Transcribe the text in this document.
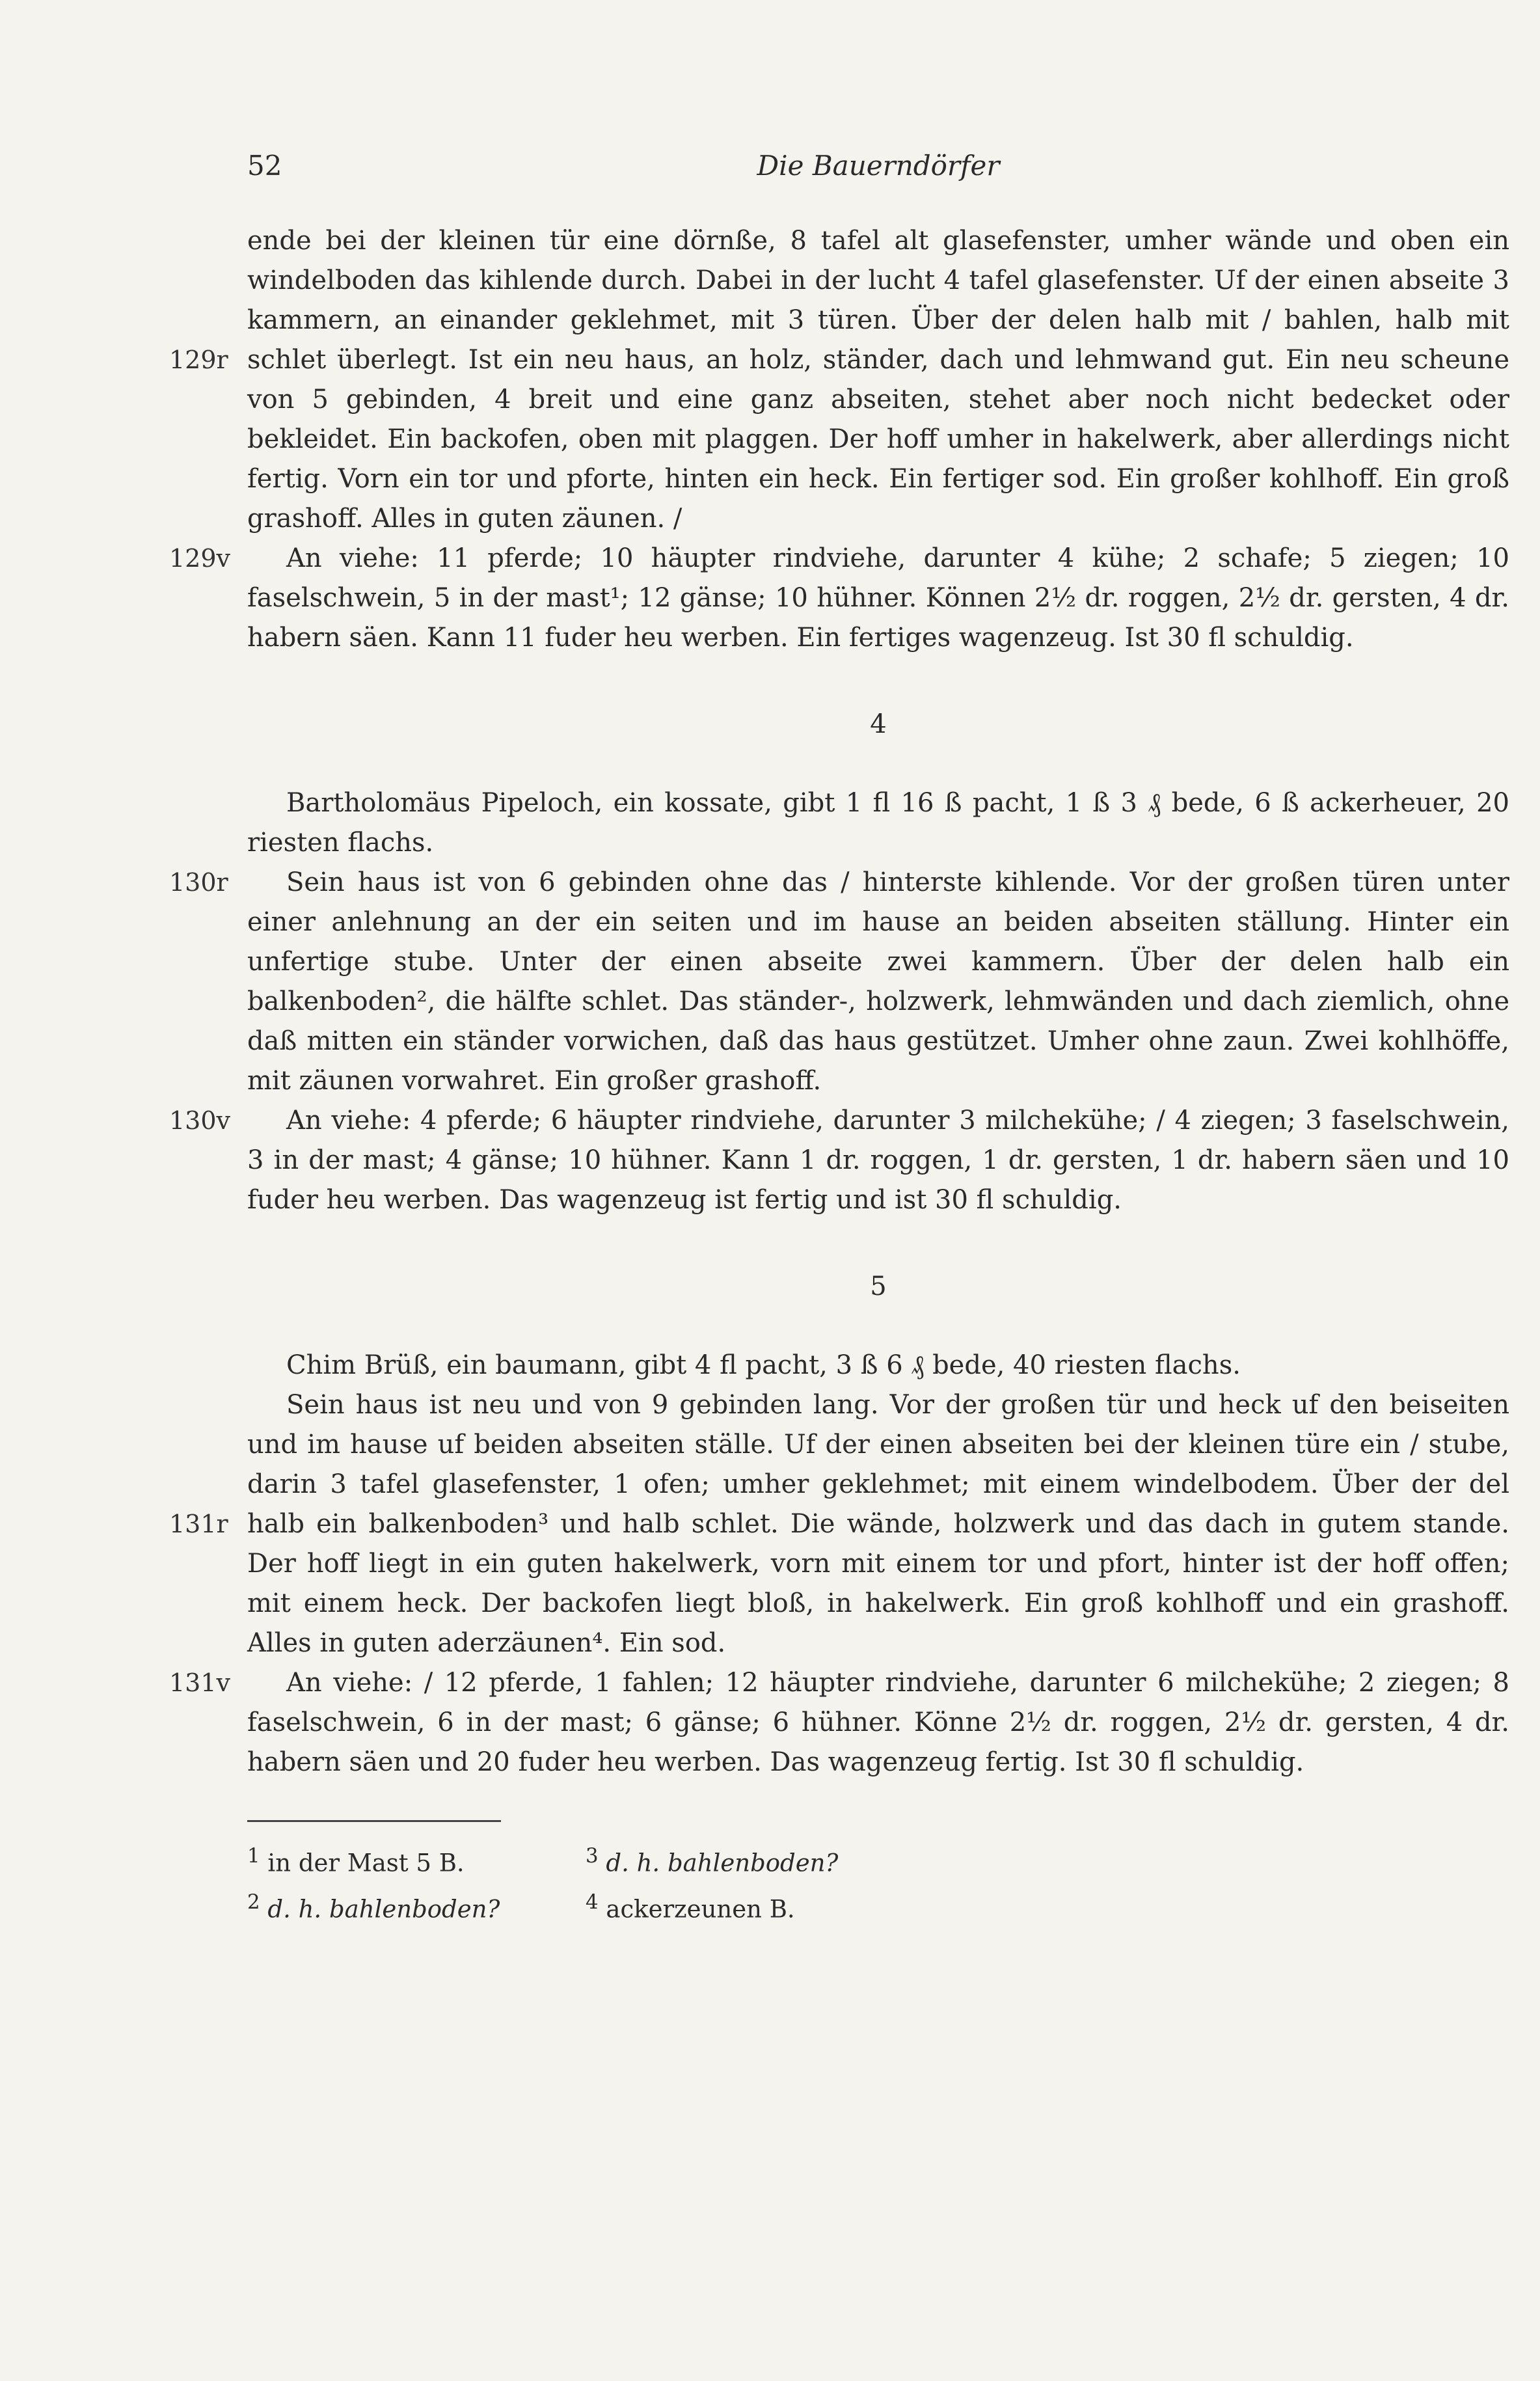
52	Die Bauerndörfer

129r
ende bei der kleinen tür eine dörnße, 8 tafel alt glasefenster, umher wände und oben ein windelboden das kihlende durch. Dabei in der lucht 4 tafel glasefenster. Uf der einen abseite 3 kammern, an einander geklehmet, mit 3 türen. Über der delen halb mit / bahlen, halb mit schlet überlegt. Ist ein neu haus, an holz, ständer, dach und lehmwand gut. Ein neu scheune von 5 gebinden, 4 breit und eine ganz abseiten, stehet aber noch nicht bedecket oder bekleidet. Ein backofen, oben mit plaggen. Der hoff umher in hakelwerk, aber allerdings nicht fertig. Vorn ein tor und pforte, hinten ein heck. Ein fertiger sod. Ein großer kohlhoff. Ein groß grashoff. Alles in guten zäunen. /

129v	An viehe: 11 pferde; 10 häupter rindviehe, darunter 4 kühe; 2 schafe; 5 ziegen; 10 faselschwein, 5 in der mast¹; 12 gänse; 10 hühner. Können 2½ dr. roggen, 2½ dr. gersten, 4 dr. habern säen. Kann 11 fuder heu werben. Ein fertiges wagenzeug. Ist 30 fl schuldig.

4

Bartholomäus Pipeloch, ein kossate, gibt 1 fl 16 ß pacht, 1 ß 3 ₰ bede, 6 ß ackerheuer, 20 riesten flachs.

130r	Sein haus ist von 6 gebinden ohne das / hinterste kihlende. Vor der großen türen unter einer anlehnung an der ein seiten und im hause an beiden abseiten ställung. Hinter ein unfertige stube. Unter der einen abseite zwei kammern. Über der delen halb ein balkenboden², die hälfte schlet. Das ständer-, holzwerk, lehmwänden und dach ziemlich, ohne daß mitten ein ständer vorwichen, daß das haus gestützet. Umher ohne zaun. Zwei kohlhöffe, mit zäunen vorwahret. Ein großer grashoff.

130v	An viehe: 4 pferde; 6 häupter rindviehe, darunter 3 milchekühe; / 4 ziegen; 3 faselschwein, 3 in der mast; 4 gänse; 10 hühner. Kann 1 dr. roggen, 1 dr. gersten, 1 dr. habern säen und 10 fuder heu werben. Das wagenzeug ist fertig und ist 30 fl schuldig.

5

Chim Brüß, ein baumann, gibt 4 fl pacht, 3 ß 6 ₰ bede, 40 riesten flachs.

131r
Sein haus ist neu und von 9 gebinden lang. Vor der großen tür und heck uf den beiseiten und im hause uf beiden abseiten ställe. Uf der einen abseiten bei der kleinen türe ein / stube, darin 3 tafel glasefenster, 1 ofen; umher geklehmet; mit einem windelbodem. Über der del halb ein balkenboden³ und halb schlet. Die wände, holzwerk und das dach in gutem stande. Der hoff liegt in ein guten hakelwerk, vorn mit einem tor und pfort, hinter ist der hoff offen; mit einem heck. Der backofen liegt bloß, in hakelwerk. Ein groß kohlhoff und ein grashoff. Alles in guten aderzäunen⁴. Ein sod.

131v	An viehe: / 12 pferde, 1 fahlen; 12 häupter rindviehe, darunter 6 milchekühe; 2 ziegen; 8 faselschwein, 6 in der mast; 6 gänse; 6 hühner. Könne 2½ dr. roggen, 2½ dr. gersten, 4 dr. habern säen und 20 fuder heu werben. Das wagenzeug fertig. Ist 30 fl schuldig.

$^1$ in der Mast 5 B.	$^3$ d. h. bahlenboden?
$^2$ d. h. bahlenboden?	$^4$ ackerzeunen B.
